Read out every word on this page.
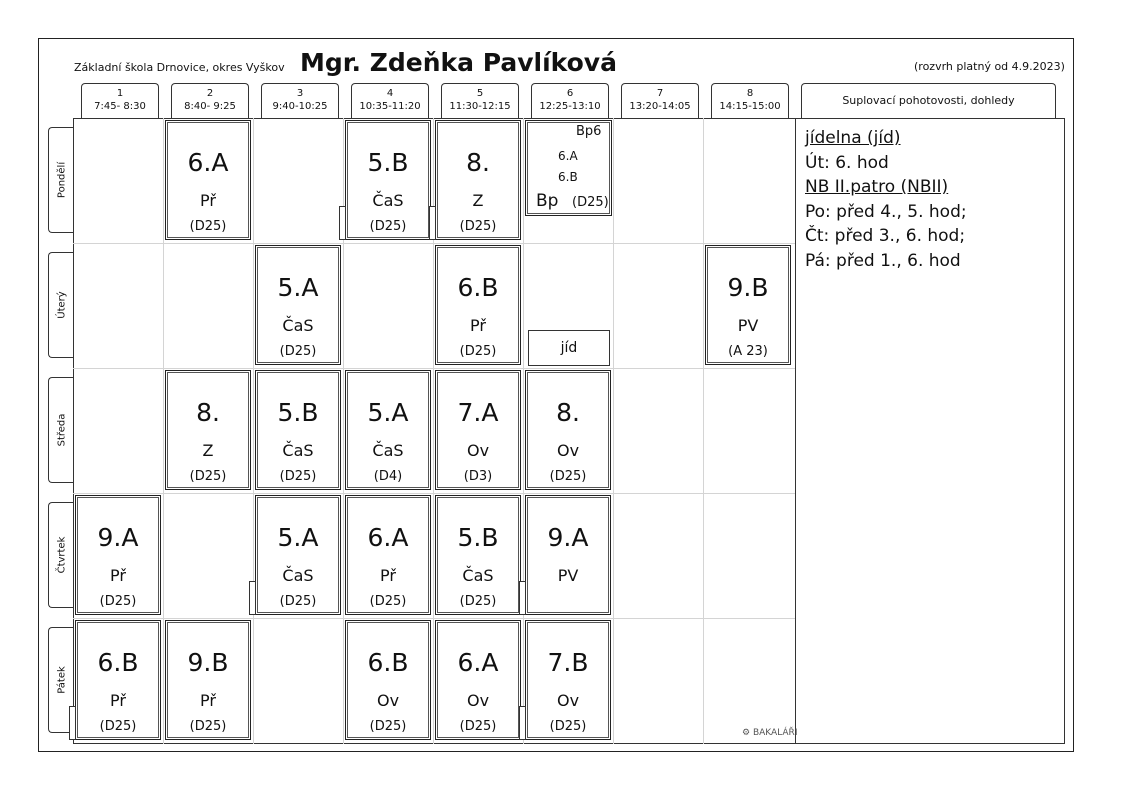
Základní škola Drnovice, okres Vyškov Mgr. Zdeňka Pavlíková	(rozvrh platný od 4.9.2023)
1
7:45- 8:30
2
8:40- 9:25
3
9:40-10:25
4
10:35-11:20
5
11:30-12:15
6
12:25-13:10
7
13:20-14:05
8
14:15-15:00	Suplovací pohotovosti, dohledy
Pondělí
Úterý
Středa
Čtvrtek
Pátek
6.A
Př
(D25)
5.B
ČaS
(D25)
8.
Z
(D25)
5.A
ČaS
(D25)
6.B
Př
(D25)
9.B
PV
(A 23)
8.
Z
(D25)
5.B
ČaS
(D25)
5.A
ČaS
(D4)
7.A
Ov
(D3)
8.
Ov
(D25)
9.A
Př
(D25)
5.A
ČaS
(D25)
6.A
Př
(D25)
5.B
ČaS
(D25)
9.A
PV
6.B
Př
(D25)
9.B
Př
(D25)
6.B
Ov
(D25)
6.A
Ov
(D25)
7.B
Ov
(D25)
Bp6
6.A
6.B
Bp (D25)
jíd
jídelna (jíd)
Út: 6. hod
NB II.patro (NBII)
Po: před 4., 5. hod;
Čt: před 3., 6. hod;
Pá: před 1., 6. hod
⚙ BAKALÁŘI
